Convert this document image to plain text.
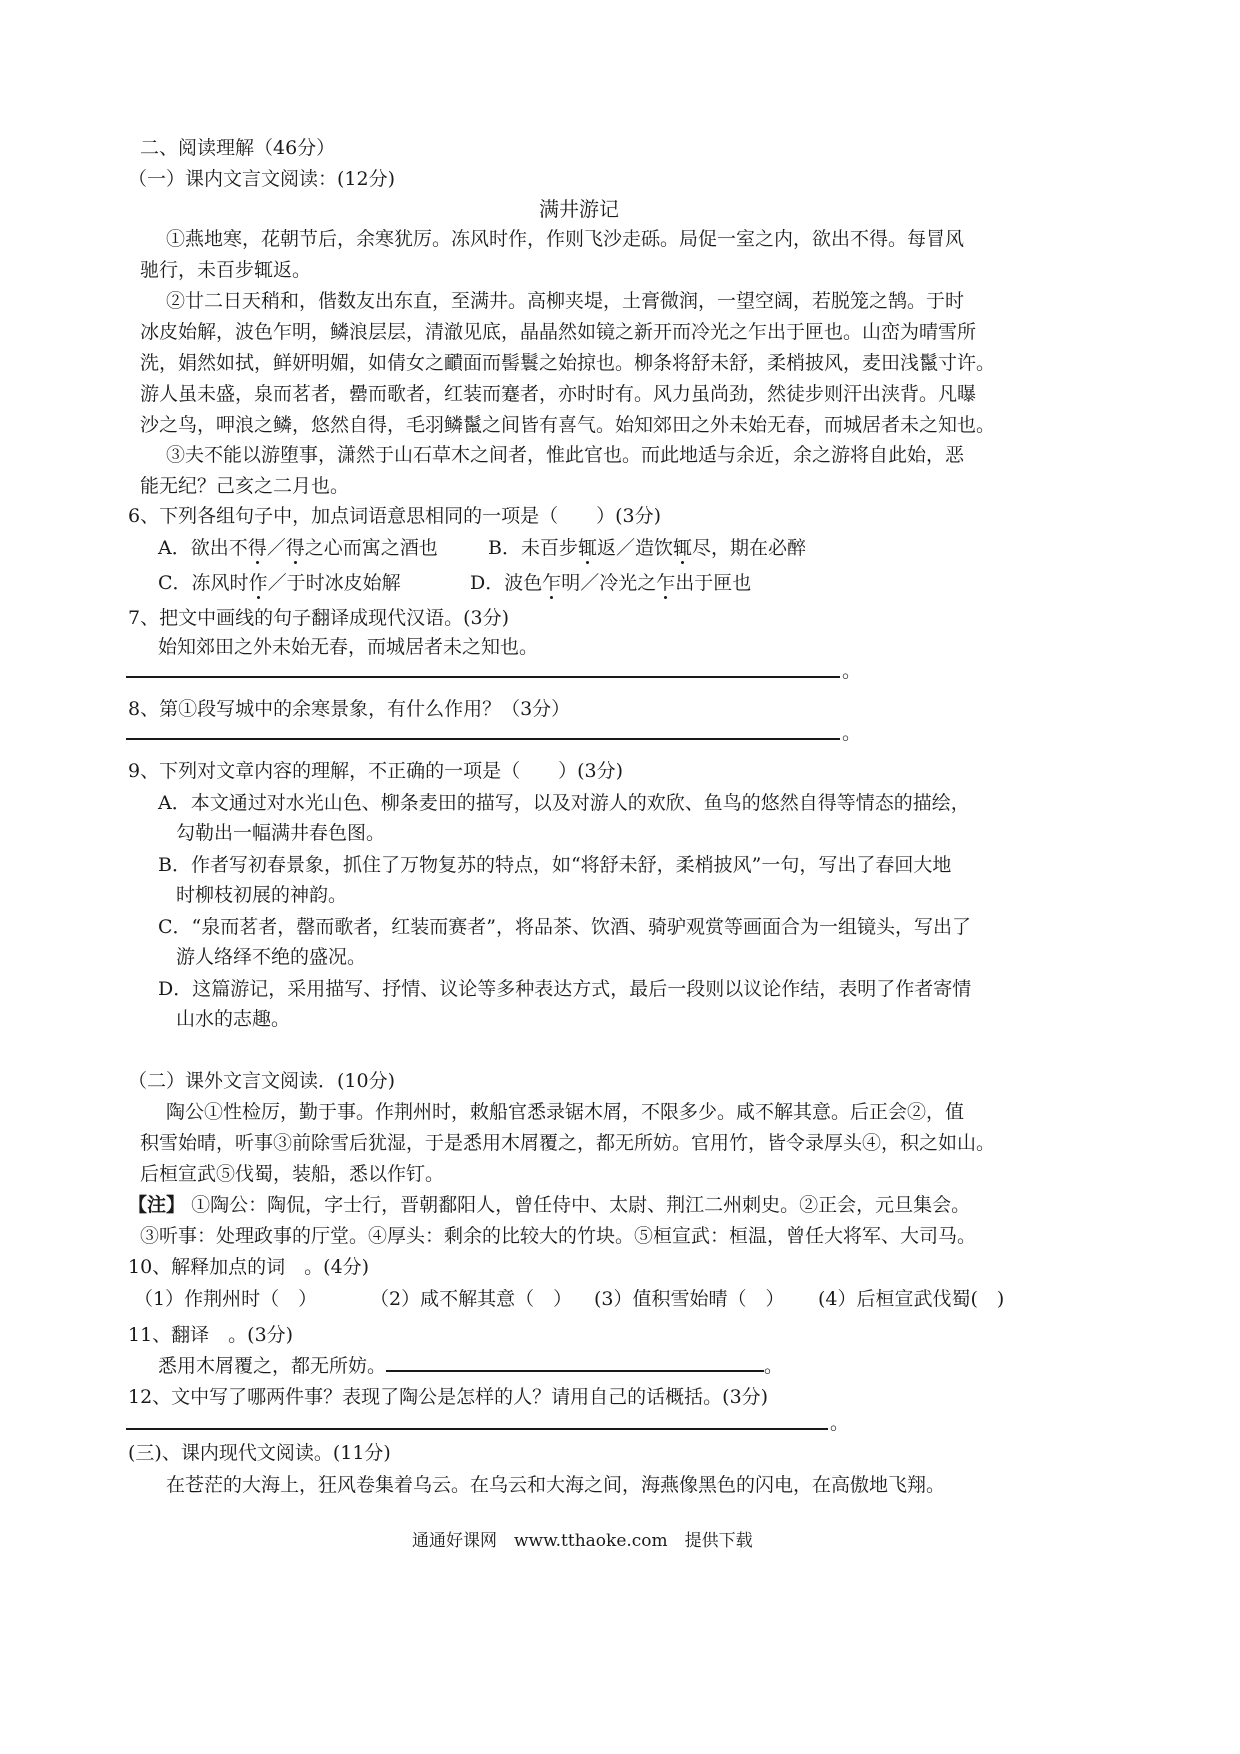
二、阅读理解（46分）
（一）课内文言文阅读：(12分)
满井游记
①燕地寒，花朝节后，余寒犹厉。冻风时作，作则飞沙走砾。局促一室之内，欲出不得。每冒风
驰行，未百步辄返。
②廿二日天稍和，偕数友出东直，至满井。高柳夹堤，土膏微润，一望空阔，若脱笼之鹄。于时
冰皮始解，波色乍明，鳞浪层层，清澈见底，晶晶然如镜之新开而冷光之乍出于匣也。山峦为晴雪所
洗，娟然如拭，鲜妍明媚，如倩女之靧面而髻鬟之始掠也。柳条将舒未舒，柔梢披风，麦田浅鬣寸许。
游人虽未盛，泉而茗者，罍而歌者，红装而蹇者，亦时时有。风力虽尚劲，然徒步则汗出浃背。凡曝
沙之鸟，呷浪之鳞，悠然自得，毛羽鳞鬣之间皆有喜气。始知郊田之外未始无春，而城居者未之知也。
③夫不能以游堕事，潇然于山石草木之间者，惟此官也。而此地适与余近，余之游将自此始，恶
能无纪？己亥之二月也。
6、下列各组句子中，加点词语意思相同的一项是（　　）(3分)
A．欲出不得／得之心而寓之酒也	B．未百步辄返／造饮辄尽，期在必醉
C．冻风时作／于时冰皮始解	D．波色乍明／冷光之乍出于匣也
7、把文中画线的句子翻译成现代汉语。(3分)
始知郊田之外未始无春，而城居者未之知也。
。
8、第①段写城中的余寒景象，有什么作用？（3分）
。
9、下列对文章内容的理解，不正确的一项是（　　）(3分)
A．本文通过对水光山色、柳条麦田的描写，以及对游人的欢欣、鱼鸟的悠然自得等情态的描绘，
勾勒出一幅满井春色图。
B．作者写初春景象，抓住了万物复苏的特点，如“将舒未舒，柔梢披风”一句，写出了春回大地
时柳枝初展的神韵。
C．“泉而茗者，罄而歌者，红装而赛者”，将品茶、饮酒、骑驴观赏等画面合为一组镜头，写出了
游人络绎不绝的盛况。
D．这篇游记，采用描写、抒情、议论等多种表达方式，最后一段则以议论作结，表明了作者寄情
山水的志趣。
（二）课外文言文阅读．(10分)
陶公①性检厉，勤于事。作荆州时，敕船官悉录锯木屑，不限多少。咸不解其意。后正会②，值
积雪始晴，听事③前除雪后犹湿，于是悉用木屑覆之，都无所妨。官用竹，皆令录厚头④，积之如山。
后桓宣武⑤伐蜀，装船，悉以作钉。
【注】 ①陶公：陶侃，字士行，晋朝鄱阳人，曾任侍中、太尉、荆江二州刺史。②正会，元旦集会。
③听事：处理政事的厅堂。④厚头：剩余的比较大的竹块。⑤桓宣武：桓温，曾任大将军、大司马。
10、解释加点的词　。(4分)
（1）作荆州时（　）	（2）咸不解其意（　） (3）值积雪始晴（　） (4）后桓宣武伐蜀(　)
11、翻译　。(3分)
悉用木屑覆之，都无所妨。	。
12、文中写了哪两件事？表现了陶公是怎样的人？请用自己的话概括。(3分)
。
(三)、课内现代文阅读。(11分)
在苍茫的大海上，狂风卷集着乌云。在乌云和大海之间，海燕像黑色的闪电，在高傲地飞翔。
通通好课网　www.tthaoke.com　提供下载
